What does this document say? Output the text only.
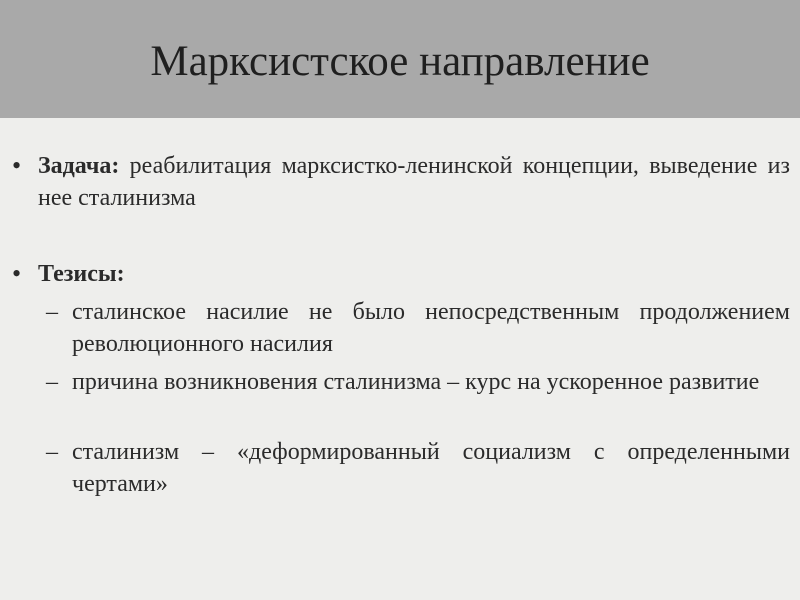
Марксистское направление
• Задача: реабилитация марксистко-ленинской концепции, выведение из нее сталинизма
• Тезисы:
– сталинское насилие не было непосредственным продолжением революционного насилия
– причина возникновения сталинизма – курс на ускоренное развитие
– сталинизм – «деформированный социализм с определенными чертами»
